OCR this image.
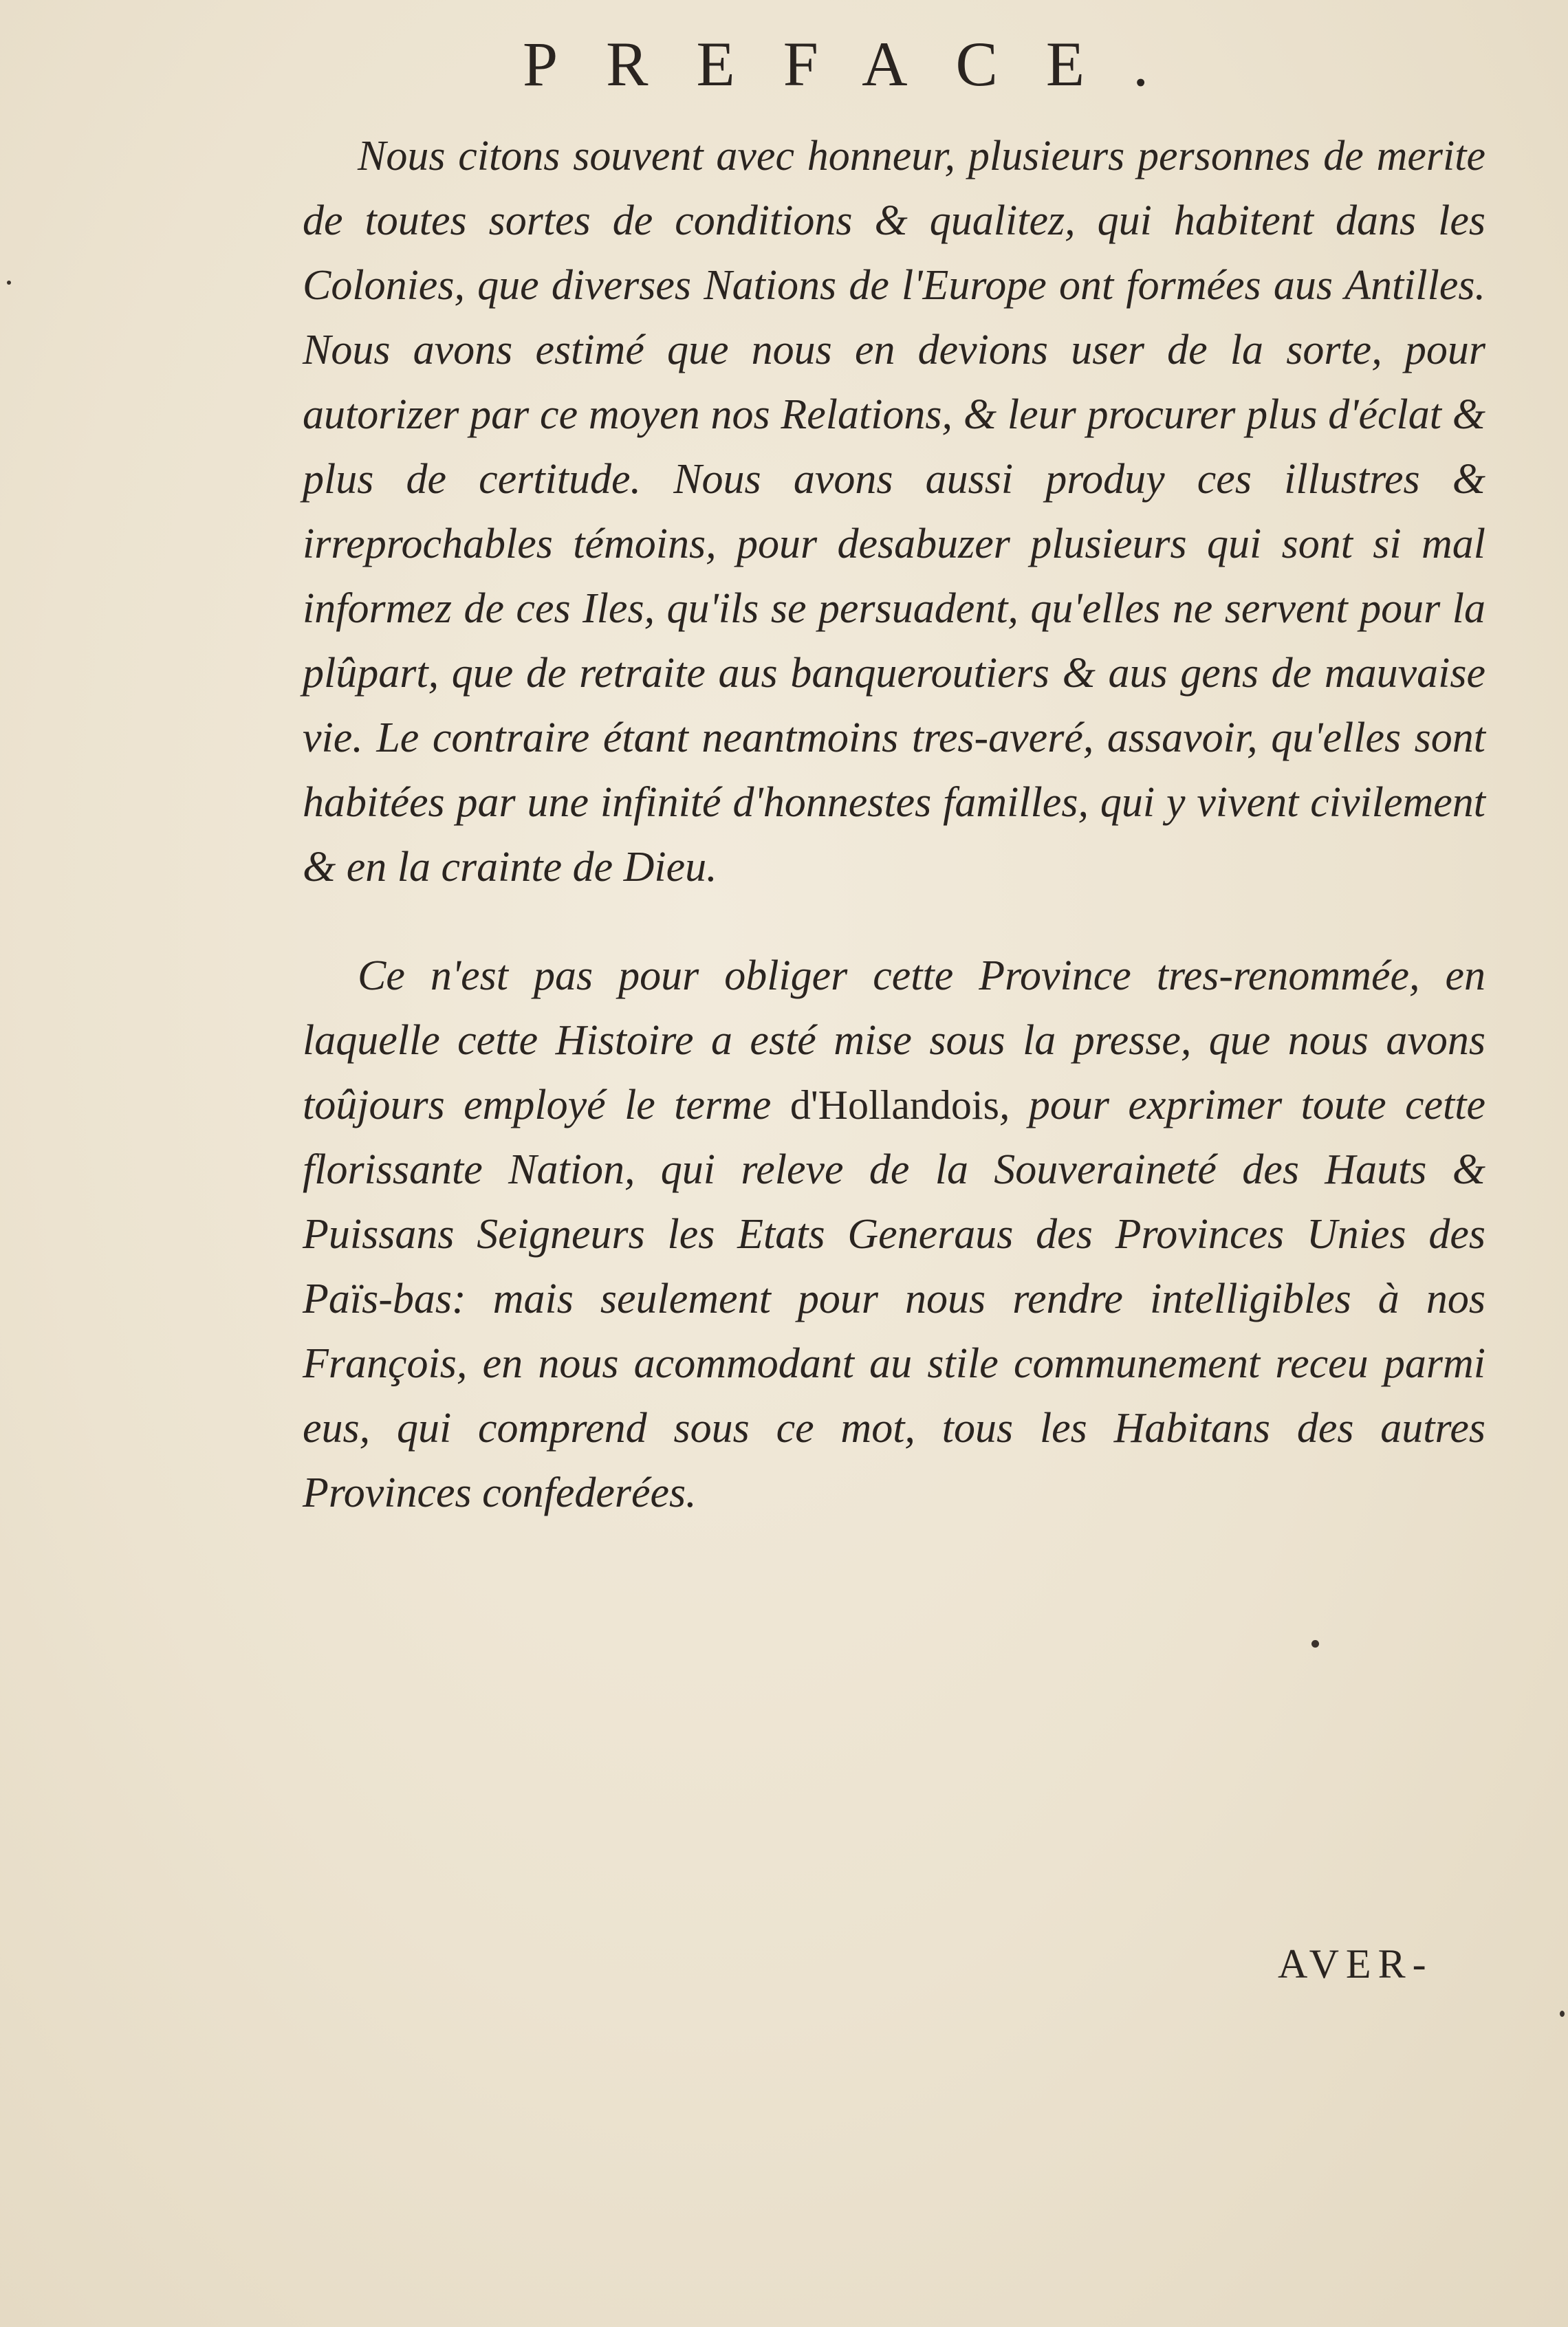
PREFACE.

Nous citons souvent avec honneur, plusieurs personnes de merite de toutes sortes de conditions & qualitez, qui habitent dans les Colonies, que diverses Nations de l'Europe ont formées aus Antilles. Nous avons estimé que nous en devions user de la sorte, pour autorizer par ce moyen nos Relations, & leur procurer plus d'éclat & plus de certitude. Nous avons aussi produy ces illustres & irreprochables témoins, pour desabuzer plusieurs qui sont si mal informez de ces Iles, qu'ils se persuadent, qu'elles ne servent pour la plûpart, que de retraite aus banqueroutiers & aus gens de mauvaise vie. Le contraire étant neantmoins tres-averé, assavoir, qu'elles sont habitées par une infinité d'honnestes familles, qui y vivent civilement & en la crainte de Dieu.

Ce n'est pas pour obliger cette Province tres-renommée, en laquelle cette Histoire a esté mise sous la presse, que nous avons toûjours employé le terme d'Hollandois, pour exprimer toute cette florissante Nation, qui releve de la Souveraineté des Hauts & Puissans Seigneurs les Etats Generaus des Provinces Unies des Païs-bas: mais seulement pour nous rendre intelligibles à nos François, en nous acommodant au stile communement receu parmi eus, qui comprend sous ce mot, tous les Habitans des autres Provinces confederées.

AVER-
